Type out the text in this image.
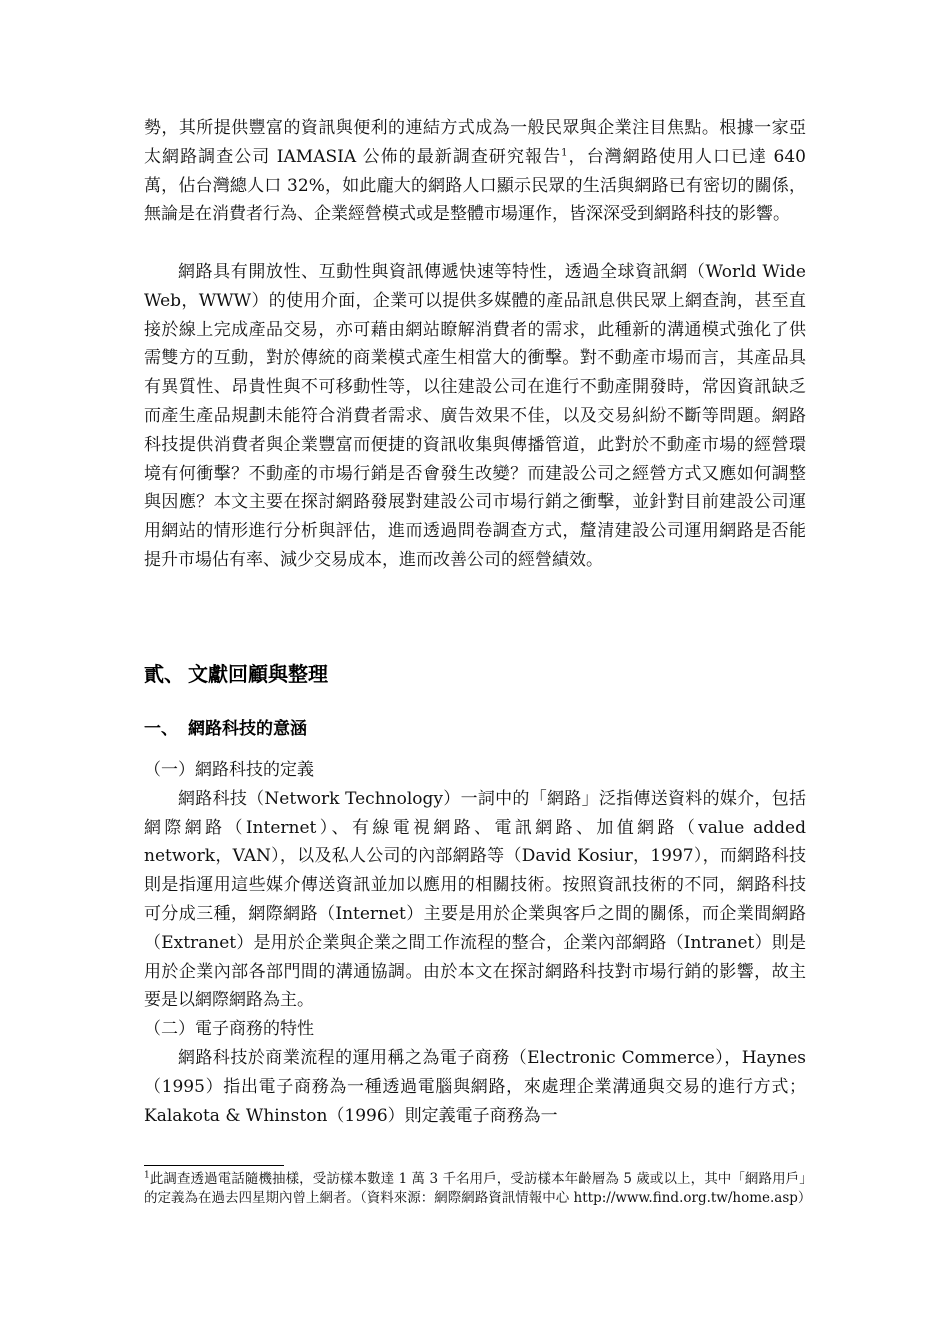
勢，其所提供豐富的資訊與便利的連結方式成為一般民眾與企業注目焦點。根據一家亞太網路調查公司 IAMASIA 公佈的最新調查研究報告$^1$，台灣網路使用人口已達 640 萬，佔台灣總人口 32%，如此龐大的網路人口顯示民眾的生活與網路已有密切的關係，無論是在消費者行為、企業經營模式或是整體市場運作，皆深深受到網路科技的影響。

網路具有開放性、互動性與資訊傳遞快速等特性，透過全球資訊網（World Wide Web，WWW）的使用介面，企業可以提供多媒體的產品訊息供民眾上網查詢，甚至直接於線上完成產品交易，亦可藉由網站瞭解消費者的需求，此種新的溝通模式強化了供需雙方的互動，對於傳統的商業模式產生相當大的衝擊。對不動產市場而言，其產品具有異質性、昂貴性與不可移動性等，以往建設公司在進行不動產開發時，常因資訊缺乏而產生產品規劃未能符合消費者需求、廣告效果不佳，以及交易糾紛不斷等問題。網路科技提供消費者與企業豐富而便捷的資訊收集與傳播管道，此對於不動產市場的經營環境有何衝擊？不動產的市場行銷是否會發生改變？而建設公司之經營方式又應如何調整與因應？本文主要在探討網路發展對建設公司市場行銷之衝擊，並針對目前建設公司運用網站的情形進行分析與評估，進而透過問卷調查方式，釐清建設公司運用網路是否能提升市場佔有率、減少交易成本，進而改善公司的經營績效。

貳、 文獻回顧與整理
一、 網路科技的意涵

（一）網路科技的定義

網路科技（Network Technology）一詞中的「網路」泛指傳送資料的媒介，包括網際網路（Internet）、有線電視網路、電訊網路、加值網路（value added network，VAN），以及私人公司的內部網路等（David Kosiur，1997），而網路科技則是指運用這些媒介傳送資訊並加以應用的相關技術。按照資訊技術的不同，網路科技可分成三種，網際網路（Internet）主要是用於企業與客戶之間的關係，而企業間網路（Extranet）是用於企業與企業之間工作流程的整合，企業內部網路（Intranet）則是用於企業內部各部門間的溝通協調。由於本文在探討網路科技對市場行銷的影響，故主要是以網際網路為主。

（二）電子商務的特性

網路科技於商業流程的運用稱之為電子商務（Electronic Commerce），Haynes（1995）指出電子商務為一種透過電腦與網路，來處理企業溝通與交易的進行方式；Kalakota & Whinston（1996）則定義電子商務為一

$^1$此調查透過電話隨機抽樣，受訪樣本數達 1 萬 3 千名用戶，受訪樣本年齡層為 5 歲或以上，其中「網路用戶」的定義為在過去四星期內曾上網者。（資料來源：網際網路資訊情報中心 http://www.find.org.tw/home.asp）
